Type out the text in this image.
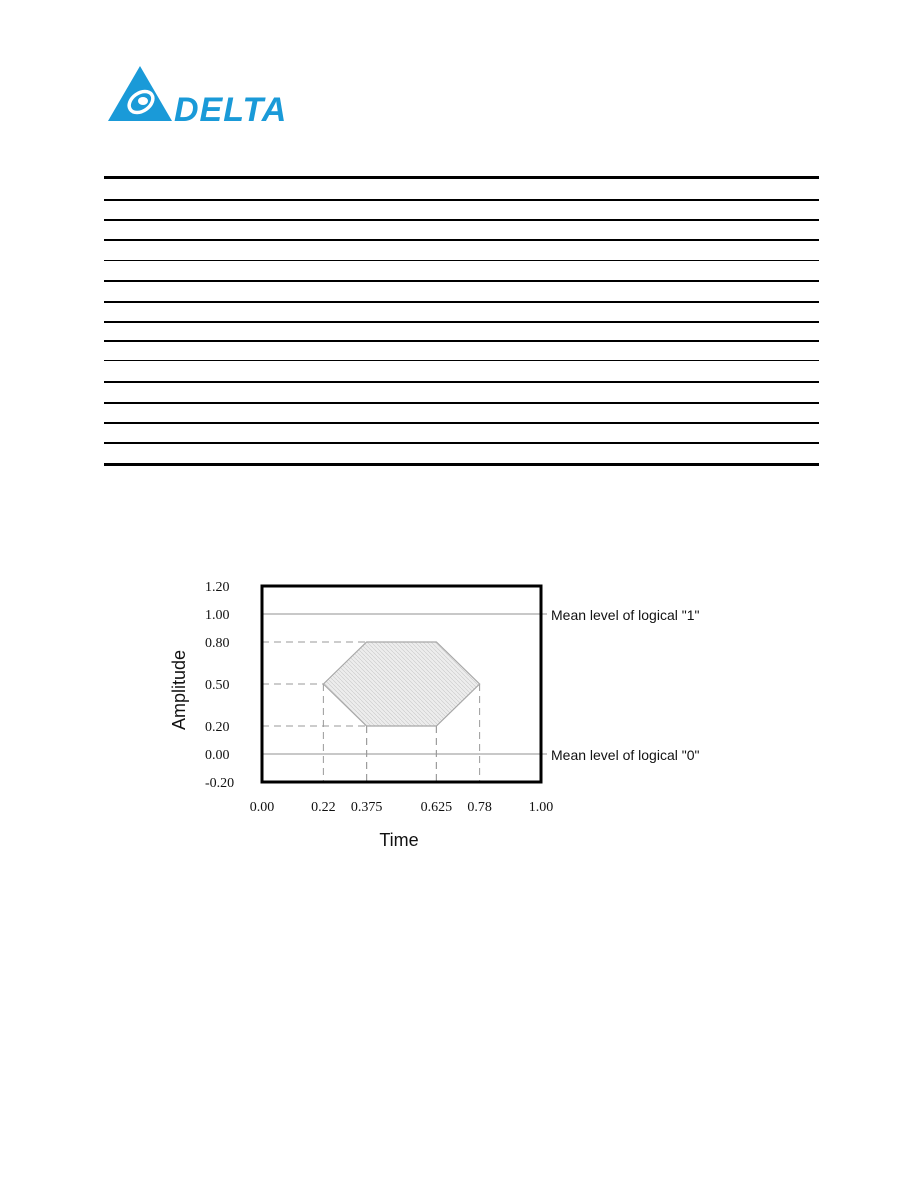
DELTA
1.20
1.00
0.80
0.50
0.20
0.00
-0.20
0.00	0.22 0.375	0.625 0.78	1.00
Mean level of logical "1"
Mean level of logical "0"
Time
Amplitude
